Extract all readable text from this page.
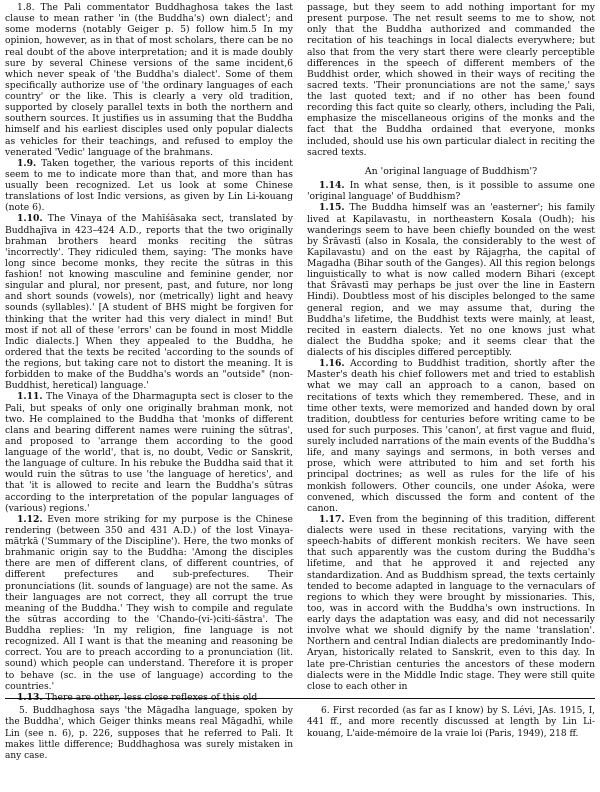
1.8. The Pali commentator Buddhaghosa takes the last clause to mean rather 'in (the Buddha's) own dialect'; and some moderns (notably Geiger p. 5) follow him.5 In my opinion, however, as in that of most scholars, there can be no real doubt of the above interpretation; and it is made doubly sure by several Chinese versions of the same incident,6 which never speak of 'the Buddha's dialect'. Some of them specifically authorize use of 'the ordinary languages of each country' or the like. This is clearly a very old tradition, supported by closely parallel texts in both the northern and southern sources. It justifies us in assuming that the Buddha himself and his earliest disciples used only popular dialects as vehicles for their teachings, and refused to employ the venerated 'Vedic' language of the brahmans.

1.9. Taken together, the various reports of this incident seem to me to indicate more than that, and more than has usually been recognized. Let us look at some Chinese translations of lost Indic versions, as given by Lin Li-kouang (note 6).

1.10. The Vinaya of the Mahīśāsaka sect, translated by Buddhajīva in 423–424 A.D., reports that the two originally brahman brothers heard monks reciting the sūtras 'incorrectly'. They ridiculed them, saying: 'The monks have long since become monks, they recite the sūtras in this fashion! not knowing masculine and feminine gender, nor singular and plural, nor present, past, and future, nor long and short sounds (vowels), nor (metrically) light and heavy sounds (syllables).' [A student of BHS might be forgiven for thinking that the writer had this very dialect in mind! But most if not all of these 'errors' can be found in most Middle Indic dialects.] When they appealed to the Buddha, he ordered that the texts be recited 'according to the sounds of the regions, but taking care not to distort the meaning. It is forbidden to make of the Buddha's words an "outside" (non-Buddhist, heretical) language.'

1.11. The Vinaya of the Dharmagupta sect is closer to the Pali, but speaks of only one originally brahman monk, not two. He complained to the Buddha that 'monks of different clans and bearing different names were ruining the sūtras', and proposed to 'arrange them according to the good language of the world', that is, no doubt, Vedic or Sanskrit, the language of culture. In his rebuke the Buddha said that it would ruin the sūtras to use 'the language of heretics', and that 'it is allowed to recite and learn the Buddha's sūtras according to the interpretation of the popular languages of (various) regions.'

1.12. Even more striking for my purpose is the Chinese rendering (between 350 and 431 A.D.) of the lost Vinaya-mātṛkā ('Summary of the Discipline'). Here, the two monks of brahmanic origin say to the Buddha: 'Among the disciples there are men of different clans, of different countries, of different prefectures and sub-prefectures. Their pronunciations (lit. sounds of language) are not the same. As their languages are not correct, they all corrupt the true meaning of the Buddha.' They wish to compile and regulate the sūtras according to the 'Chando-(vi-)citi-śāstra'. The Buddha replies: 'In my religion, fine language is not recognized. All I want is that the meaning and reasoning be correct. You are to preach according to a pronunciation (lit. sound) which people can understand. Therefore it is proper to behave (sc. in the use of language) according to the countries.'

1.13. There are other, less close reflexes of this old

passage, but they seem to add nothing important for my present purpose. The net result seems to me to show, not only that the Buddha authorized and commanded the recitation of his teachings in local dialects everywhere; but also that from the very start there were clearly perceptible differences in the speech of different members of the Buddhist order, which showed in their ways of reciting the sacred texts. 'Their pronunciations are not the same,' says the last quoted text; and if no other has been found recording this fact quite so clearly, others, including the Pali, emphasize the miscellaneous origins of the monks and the fact that the Buddha ordained that everyone, monks included, should use his own particular dialect in reciting the sacred texts.

An 'original language of Buddhism'?

1.14. In what sense, then, is it possible to assume one 'original language' of Buddhism?

1.15. The Buddha himself was an 'easterner'; his family lived at Kapilavastu, in northeastern Kosala (Oudh); his wanderings seem to have been chiefly bounded on the west by Śrāvastī (also in Kosala, the considerably to the west of Kapilavastu) and on the east by Rājagṛha, the capital of Magadha (Bihar south of the Ganges). All this region belongs linguistically to what is now called modern Bihari (except that Śrāvastī may perhaps be just over the line in Eastern Hindi). Doubtless most of his disciples belonged to the same general region, and we may assume that, during the Buddha's lifetime, the Buddhist texts were mainly, at least, recited in eastern dialects. Yet no one knows just what dialect the Buddha spoke; and it seems clear that the dialects of his disciples differed perceptibly.

1.16. According to Buddhist tradition, shortly after the Master's death his chief followers met and tried to establish what we may call an approach to a canon, based on recitations of texts which they remembered. These, and in time other texts, were memorized and handed down by oral tradition, doubtless for centuries before writing came to be used for such purposes. This 'canon', at first vague and fluid, surely included narrations of the main events of the Buddha's life, and many sayings and sermons, in both verses and prose, which were attributed to him and set forth his principal doctrines; as well as rules for the life of his monkish followers. Other councils, one under Aśoka, were convened, which discussed the form and content of the canon.

1.17. Even from the beginning of this tradition, different dialects were used in these recitations, varying with the speech-habits of different monkish reciters. We have seen that such apparently was the custom during the Buddha's lifetime, and that he approved it and rejected any standardization. And as Buddhism spread, the texts certainly tended to become adapted in language to the vernaculars of regions to which they were brought by missionaries. This, too, was in accord with the Buddha's own instructions. In early days the adaptation was easy, and did not necessarily involve what we should dignify by the name 'translation'. Northern and central Indian dialects are predominantly Indo-Aryan, historically related to Sanskrit, even to this day. In late pre-Christian centuries the ancestors of these modern dialects were in the Middle Indic stage. They were still quite close to each other in

5. Buddhaghosa says 'the Māgadha language, spoken by the Buddha', which Geiger thinks means real Māgadhī, while Lin (see n. 6), p. 226, supposes that he referred to Pali. It makes little difference; Buddhaghosa was surely mistaken in any case.

6. First recorded (as far as I know) by S. Lévi, JAs. 1915, I, 441 ff., and more recently discussed at length by Lin Li-kouang, L'aide-mémoire de la vraie loi (Paris, 1949), 218 ff.
